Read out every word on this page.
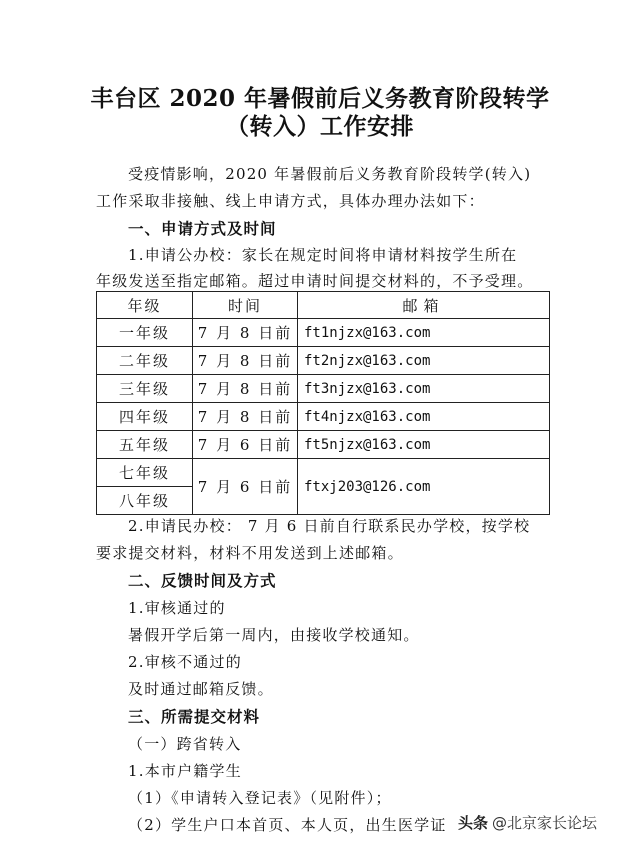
丰台区 2020 年暑假前后义务教育阶段转学
（转入）工作安排
受疫情影响，2020 年暑假前后义务教育阶段转学(转入)
工作采取非接触、线上申请方式，具体办理办法如下：
一、申请方式及时间
1.申请公办校：家长在规定时间将申请材料按学生所在
年级发送至指定邮箱。超过申请时间提交材料的，不予受理。
年级	时间	邮箱
一年级	7 月 8 日前	ft1njzx@163.com
二年级	7 月 8 日前	ft2njzx@163.com
三年级	7 月 8 日前	ft3njzx@163.com
四年级	7 月 8 日前	ft4njzx@163.com
五年级	7 月 6 日前	ft5njzx@163.com
七年级	7 月 6 日前	ftxj203@126.com
八年级		
2.申请民办校： 7 月 6 日前自行联系民办学校，按学校
要求提交材料，材料不用发送到上述邮箱。
二、反馈时间及方式
1.审核通过的
暑假开学后第一周内，由接收学校通知。
2.审核不通过的
及时通过邮箱反馈。
三、所需提交材料
（一）跨省转入
1.本市户籍学生
（1）《申请转入登记表》（见附件）；
（2）学生户口本首页、本人页，出生医学证 头条 @北京家长论坛
